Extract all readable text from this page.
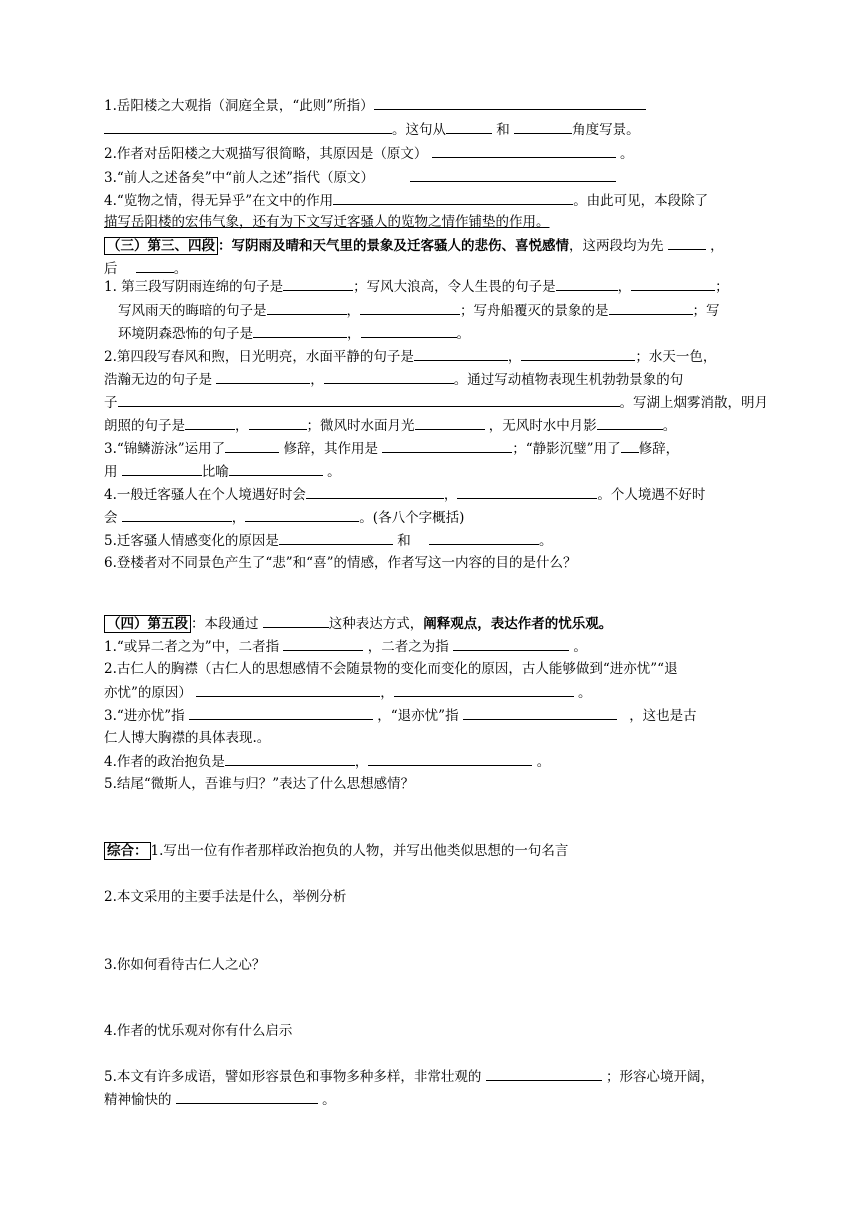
1.岳阳楼之大观指（洞庭全景，“此则”所指）
。这句从	和	角度写景。
2.作者对岳阳楼之大观描写很简略，其原因是（原文）	。
3.“前人之述备矣”中“前人之述”指代（原文）
4.“览物之情，得无异乎”在文中的作用	。由此可见，本段除了
描写岳阳楼的宏伟气象，还有为下文写迁客骚人的览物之情作铺垫的作用。
（三）第三、四段 ：写阴雨及晴和天气里的景象及迁客骚人的悲伤、喜悦感情，这两段均为先	，
后	。
1. 第三段写阴雨连绵的句子是	；写风大浪高，令人生畏的句子是	，	；
写风雨天的晦暗的句子是	，	；写舟船覆灭的景象的是	；写
环境阴森恐怖的句子是	，	。
2.第四段写春风和煦，日光明亮，水面平静的句子是	，	；水天一色，
浩瀚无边的句子是	，	。通过写动植物表现生机勃勃景象的句
子	。写湖上烟雾消散，明月
朗照的句子是	，	；微风时水面月光	，无风时水中月影	。
3.“锦鳞游泳”运用了	修辞，其作用是	；“静影沉璧”用了 修辞，
用	比喻	。
4.一般迁客骚人在个人境遇好时会	，	。个人境遇不好时
会	，	。(各八个字概括)
5.迁客骚人情感变化的原因是	和	。
6.登楼者对不同景色产生了“悲”和“喜”的情感，作者写这一内容的目的是什么？
（四）第五段 ：本段通过	这种表达方式，阐释观点，表达作者的忧乐观。
1.“或异二者之为”中，二者指	，二者之为指	。
2.古仁人的胸襟（古仁人的思想感情不会随景物的变化而变化的原因，古人能够做到“进亦忧”“退
亦忧”的原因）	，	。
3.“进亦忧”指	，“退亦忧”指	，这也是古
仁人博大胸襟的具体表现.。
4.作者的政治抱负是	，	。
5.结尾“微斯人，吾谁与归？”表达了什么思想感情？
综合： 1.写出一位有作者那样政治抱负的人物，并写出他类似思想的一句名言
2.本文采用的主要手法是什么，举例分析
3.你如何看待古仁人之心？
4.作者的忧乐观对你有什么启示
5.本文有许多成语，譬如形容景色和事物多种多样，非常壮观的	；形容心境开阔，
精神愉快的	。
